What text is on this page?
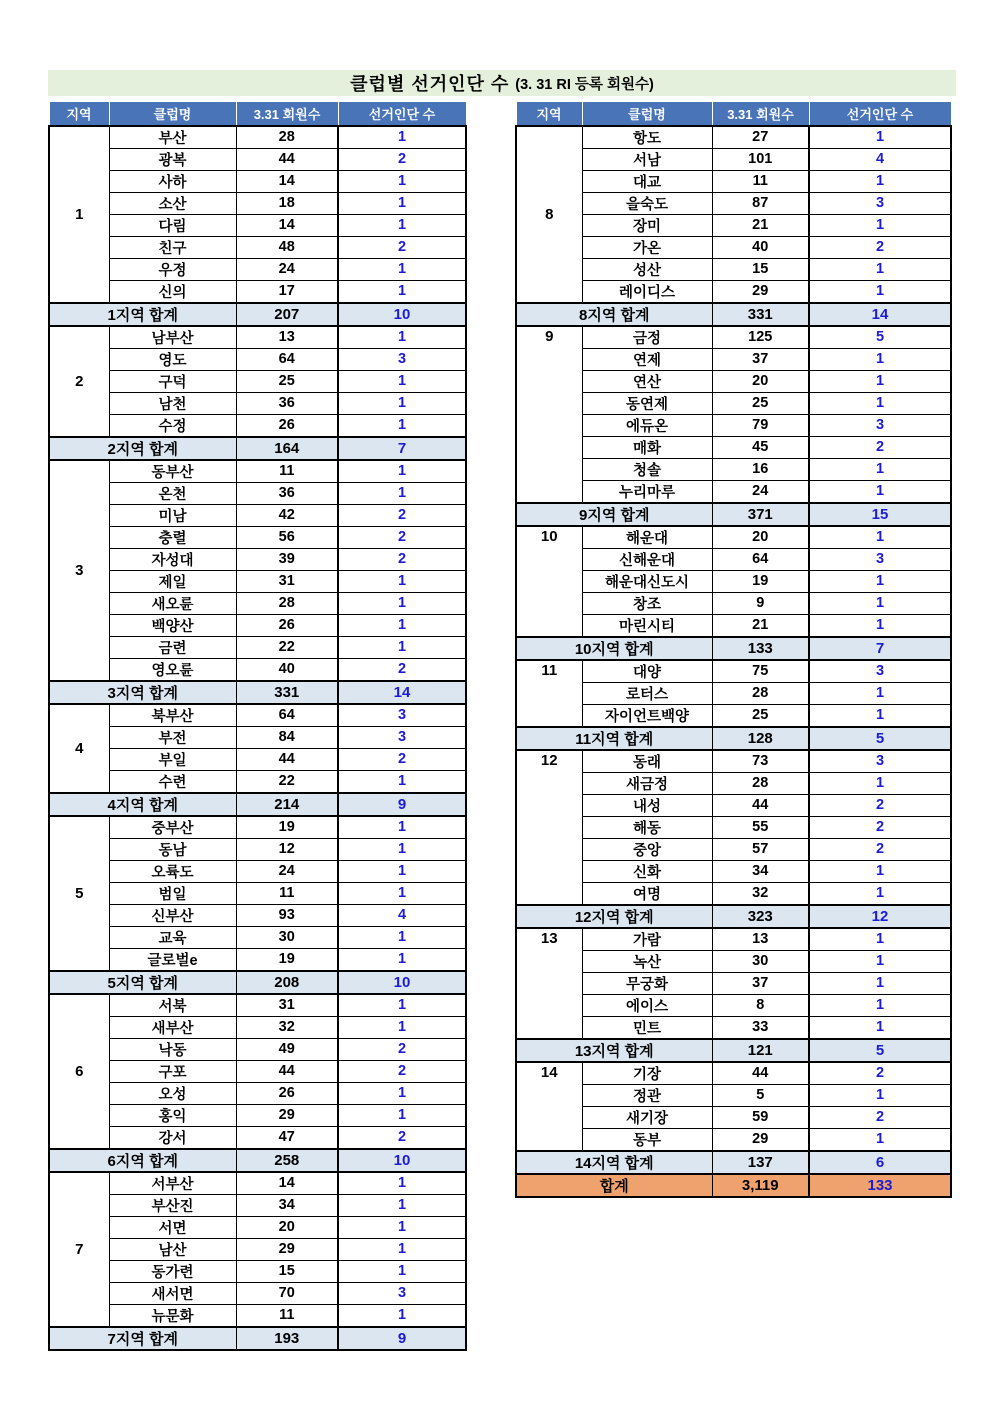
클럽별 선거인단 수 (3. 31 RI 등록 회원수)
지역	클럽명	3.31 회원수	선거인단 수
1	부산	28	1
	광복	44	2
	사하	14	1
	소산	18	1
	다림	14	1
	친구	48	2
	우정	24	1
	신의	17	1
1지역 합계		207	10
2	남부산	13	1
	영도	64	3
	구덕	25	1
	남천	36	1
	수정	26	1
2지역 합계		164	7
3	동부산	11	1
	온천	36	1
	미남	42	2
	충렬	56	2
	자성대	39	2
	제일	31	1
	새오륜	28	1
	백양산	26	1
	금련	22	1
	영오륜	40	2
3지역 합계		331	14
4	북부산	64	3
	부전	84	3
	부일	44	2
	수련	22	1
4지역 합계		214	9
5	중부산	19	1
	동남	12	1
	오륙도	24	1
	범일	11	1
	신부산	93	4
	교육	30	1
	글로벌e	19	1
5지역 합계		208	10
6	서북	31	1
	새부산	32	1
	낙동	49	2
	구포	44	2
	오성	26	1
	홍익	29	1
	강서	47	2
6지역 합계		258	10
7	서부산	14	1
	부산진	34	1
	서면	20	1
	남산	29	1
	동가련	15	1
	새서면	70	3
	뉴문화	11	1
7지역 합계		193	9
지역	클럽명	3.31 회원수	선거인단 수
8	항도	27	1
	서남	101	4
	대교	11	1
	을숙도	87	3
	장미	21	1
	가온	40	2
	성산	15	1
	레이디스	29	1
8지역 합계		331	14
9	금정	125	5
	연제	37	1
	연산	20	1
	동연제	25	1
	에듀온	79	3
	매화	45	2
	청솔	16	1
	누리마루	24	1
9지역 합계		371	15
10	해운대	20	1
	신해운대	64	3
	해운대신도시	19	1
	창조	9	1
	마린시티	21	1
10지역 합계		133	7
11	대양	75	3
	로터스	28	1
	자이언트백양	25	1
11지역 합계		128	5
12	동래	73	3
	새금정	28	1
	내성	44	2
	해동	55	2
	중앙	57	2
	신화	34	1
	여명	32	1
12지역 합계		323	12
13	가람	13	1
	녹산	30	1
	무궁화	37	1
	에이스	8	1
	민트	33	1
13지역 합계		121	5
14	기장	44	2
	정관	5	1
	새기장	59	2
	동부	29	1
14지역 합계		137	6
합계		3,119	133
